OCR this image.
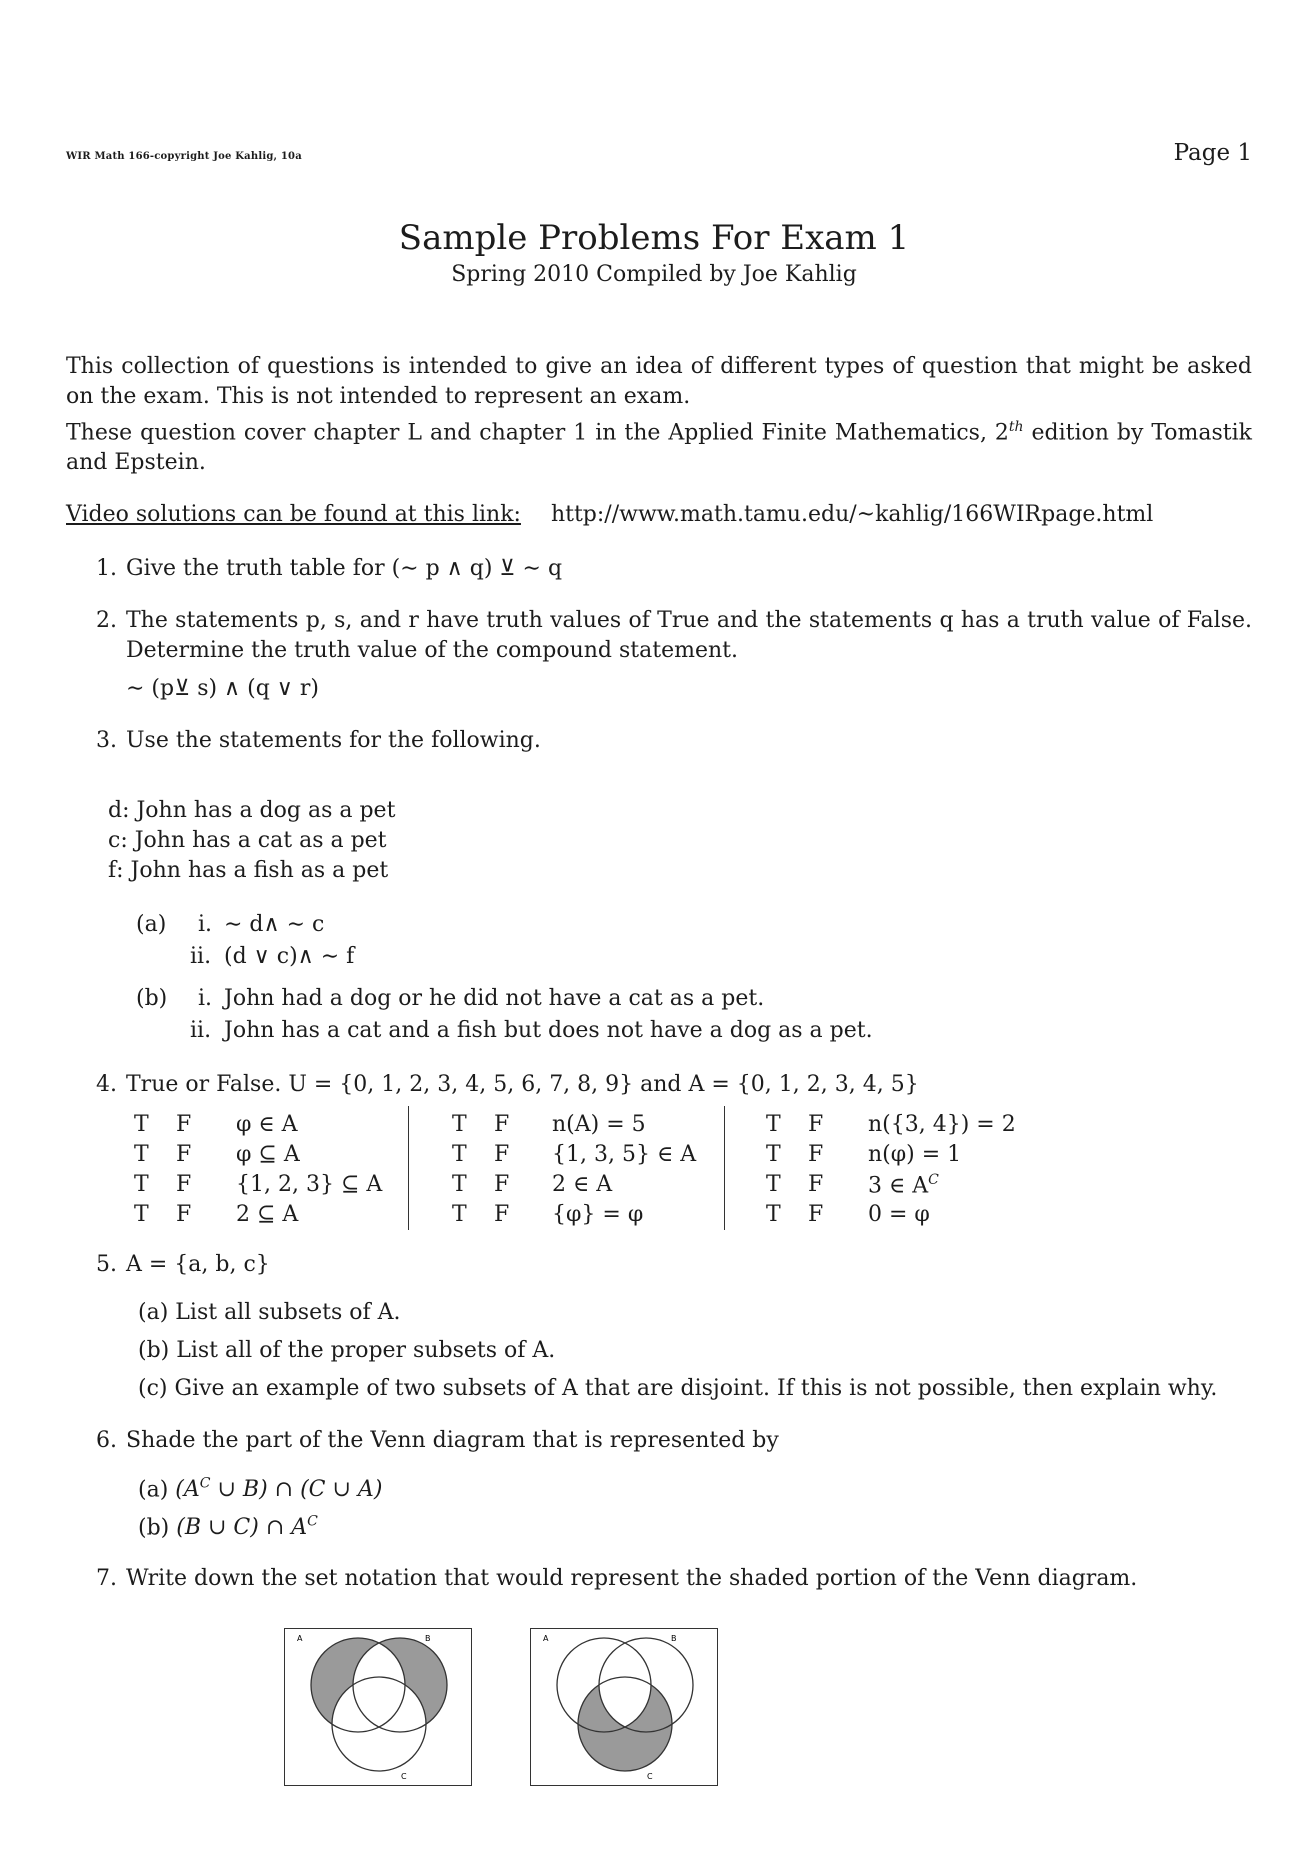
WIR Math 166-copyright Joe Kahlig, 10a	Page 1
Sample Problems For Exam 1
Spring 2010 Compiled by Joe Kahlig

This collection of questions is intended to give an idea of different types of question that might be asked on the exam. This is not intended to represent an exam.

These question cover chapter L and chapter 1 in the Applied Finite Mathematics, 2th edition by Tomastik and Epstein.

Video solutions can be found at this link: http://www.math.tamu.edu/~kahlig/166WIRpage.html
1. Give the truth table for (∼ p ∧ q) ⊻ ∼ q
2. The statements p, s, and r have truth values of True and the statements q has a truth value of False. Determine the truth value of the compound statement.
∼ (p⊻ s) ∧ (q ∨ r)
3. Use the statements for the following.
d: John has a dog as a pet
c: John has a cat as a pet
f: John has a fish as a pet
(a) i. ∼ d∧ ∼ c
ii. (d ∨ c)∧ ∼ f
(b) i. John had a dog or he did not have a cat as a pet.
ii. John has a cat and a fish but does not have a dog as a pet.
4. True or False. U = {0, 1, 2, 3, 4, 5, 6, 7, 8, 9} and A = {0, 1, 2, 3, 4, 5}
T F φ ∈ A
T F φ ⊆ A
T F {1, 2, 3} ⊆ A
T F 2 ⊆ A
T F n(A) = 5
T F {1, 3, 5} ∈ A
T F 2 ∈ A
T F {φ} = φ
T F n({3, 4}) = 2
T F n(φ) = 1
T F 3 ∈ $A^C$
T F 0 = φ
5. A = {a, b, c}
(a) List all subsets of A.
(b) List all of the proper subsets of A.
(c) Give an example of two subsets of A that are disjoint. If this is not possible, then explain why.
6. Shade the part of the Venn diagram that is represented by
(a) ($A^C$ ∪ B) ∩ (C ∪ A)
(b) (B ∪ C) ∩ $A^C$
7. Write down the set notation that would represent the shaded portion of the Venn diagram.
A	B
C
A	B
C
